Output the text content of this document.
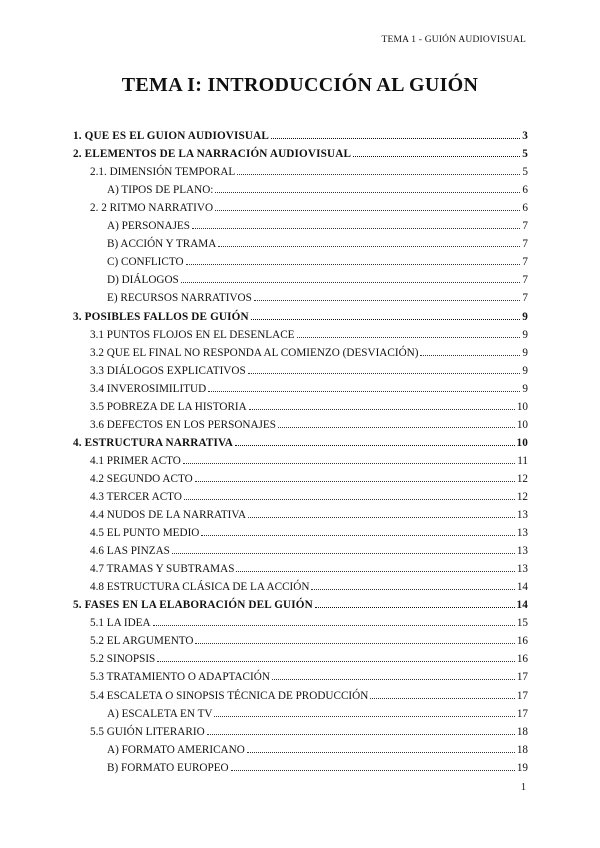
TEMA 1 - GUIÓN AUDIOVISUAL
TEMA I: INTRODUCCIÓN AL GUIÓN
1. QUE ES EL GUION AUDIOVISUAL	3
2. ELEMENTOS DE LA NARRACIÓN AUDIOVISUAL	5
2.1. DIMENSIÓN TEMPORAL	5
A) TIPOS DE PLANO:	6
2. 2 RITMO NARRATIVO	6
A) PERSONAJES	7
B) ACCIÓN Y TRAMA	7
C) CONFLICTO	7
D) DIÁLOGOS	7
E) RECURSOS NARRATIVOS	7
3. POSIBLES FALLOS DE GUIÓN	9
3.1 PUNTOS FLOJOS EN EL DESENLACE	9
3.2 QUE EL FINAL NO RESPONDA AL COMIENZO (DESVIACIÓN)	9
3.3 DIÁLOGOS EXPLICATIVOS	9
3.4 INVEROSIMILITUD	9
3.5 POBREZA DE LA HISTORIA	10
3.6 DEFECTOS EN LOS PERSONAJES	10
4. ESTRUCTURA NARRATIVA	10
4.1 PRIMER ACTO	11
4.2 SEGUNDO ACTO	12
4.3 TERCER ACTO	12
4.4 NUDOS DE LA NARRATIVA	13
4.5 EL PUNTO MEDIO	13
4.6 LAS PINZAS	13
4.7 TRAMAS Y SUBTRAMAS	13
4.8 ESTRUCTURA CLÁSICA DE LA ACCIÓN	14
5. FASES EN LA ELABORACIÓN DEL GUIÓN	14
5.1 LA IDEA	15
5.2 EL ARGUMENTO	16
5.2 SINOPSIS	16
5.3 TRATAMIENTO O ADAPTACIÓN	17
5.4 ESCALETA O SINOPSIS TÉCNICA DE PRODUCCIÓN	17
A) ESCALETA EN TV	17
5.5 GUIÓN LITERARIO	18
A) FORMATO AMERICANO	18
B) FORMATO EUROPEO	19
1
